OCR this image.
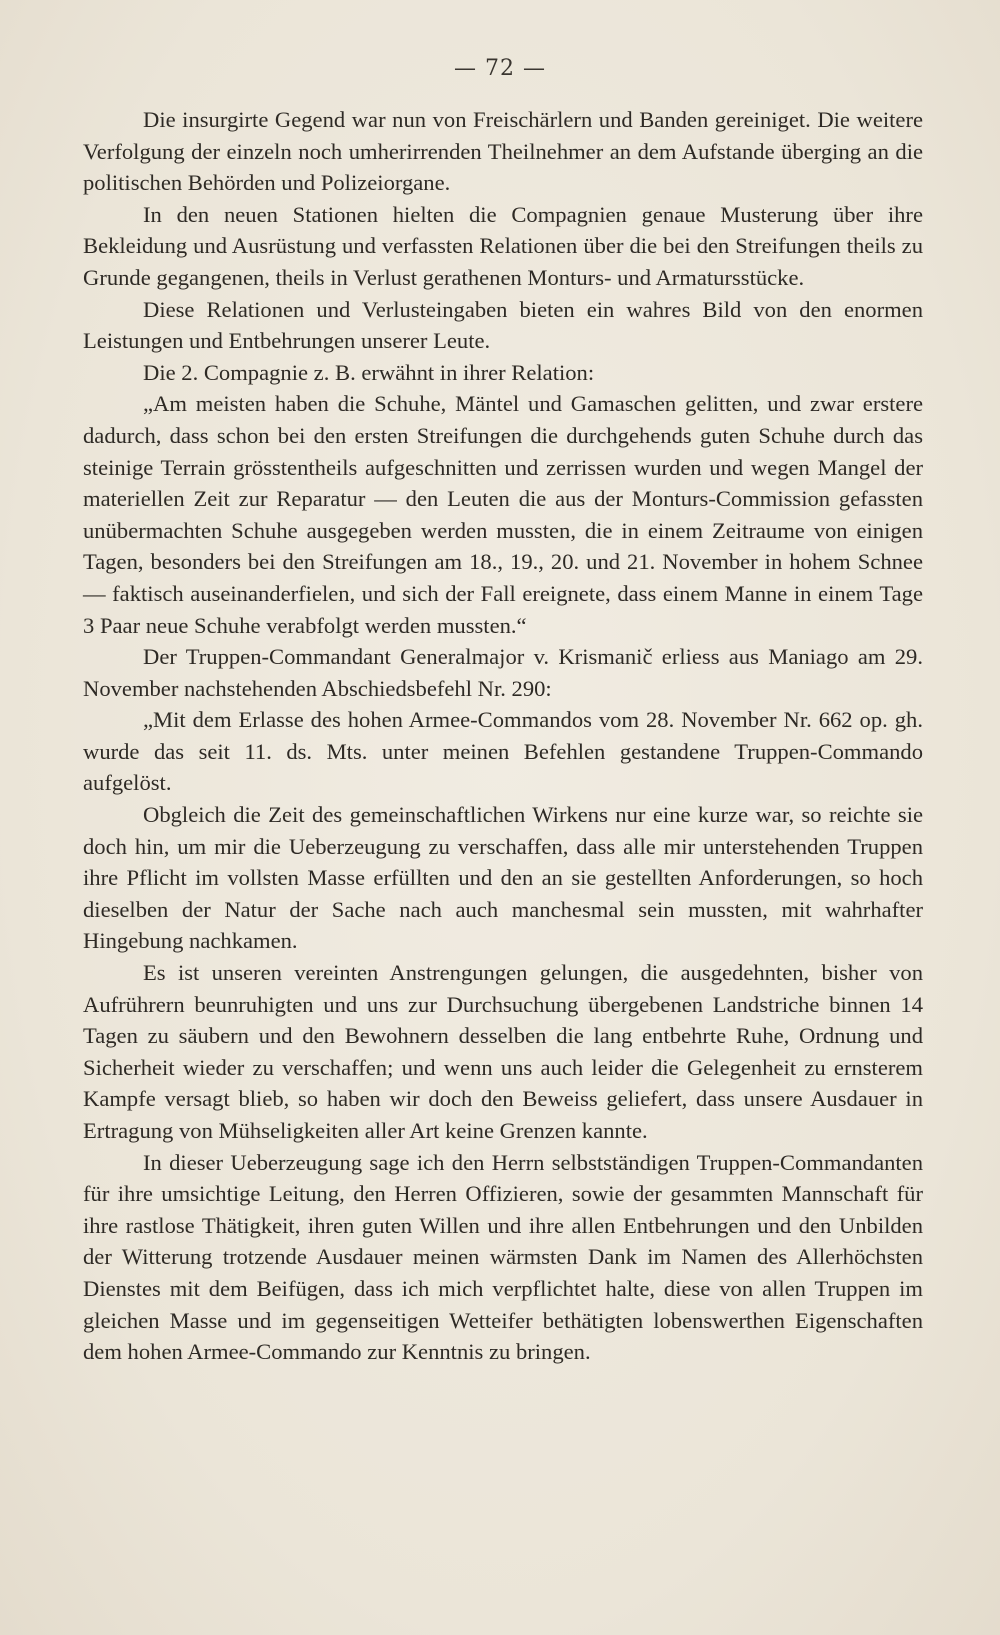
— 72 —

Die insurgirte Gegend war nun von Freischärlern und Banden gereiniget. Die weitere Verfolgung der einzeln noch umherirrenden Theilnehmer an dem Aufstande überging an die politischen Behörden und Polizeiorgane.

In den neuen Stationen hielten die Compagnien genaue Musterung über ihre Bekleidung und Ausrüstung und verfassten Relationen über die bei den Streifungen theils zu Grunde gegangenen, theils in Verlust gerathenen Monturs- und Armatursstücke.

Diese Relationen und Verlusteingaben bieten ein wahres Bild von den enormen Leistungen und Entbehrungen unserer Leute.

Die 2. Compagnie z. B. erwähnt in ihrer Relation:

„Am meisten haben die Schuhe, Mäntel und Gamaschen gelitten, und zwar erstere dadurch, dass schon bei den ersten Streifungen die durchgehends guten Schuhe durch das steinige Terrain grösstentheils aufgeschnitten und zerrissen wurden und wegen Mangel der materiellen Zeit zur Reparatur — den Leuten die aus der Monturs-Commission gefassten unübermachten Schuhe ausgegeben werden mussten, die in einem Zeitraume von einigen Tagen, besonders bei den Streifungen am 18., 19., 20. und 21. November in hohem Schnee — faktisch auseinanderfielen, und sich der Fall ereignete, dass einem Manne in einem Tage 3 Paar neue Schuhe verabfolgt werden mussten.“

Der Truppen-Commandant Generalmajor v. Krismanič erliess aus Maniago am 29. November nachstehenden Abschiedsbefehl Nr. 290:

„Mit dem Erlasse des hohen Armee-Commandos vom 28. November Nr. 662 op. gh. wurde das seit 11. ds. Mts. unter meinen Befehlen gestandene Truppen-Commando aufgelöst.

Obgleich die Zeit des gemeinschaftlichen Wirkens nur eine kurze war, so reichte sie doch hin, um mir die Ueberzeugung zu verschaffen, dass alle mir unterstehenden Truppen ihre Pflicht im vollsten Masse erfüllten und den an sie gestellten Anforderungen, so hoch dieselben der Natur der Sache nach auch manchesmal sein mussten, mit wahrhafter Hingebung nachkamen.

Es ist unseren vereinten Anstrengungen gelungen, die ausgedehnten, bisher von Aufrührern beunruhigten und uns zur Durchsuchung übergebenen Landstriche binnen 14 Tagen zu säubern und den Bewohnern desselben die lang entbehrte Ruhe, Ordnung und Sicherheit wieder zu verschaffen; und wenn uns auch leider die Gelegenheit zu ernsterem Kampfe versagt blieb, so haben wir doch den Beweiss geliefert, dass unsere Ausdauer in Ertragung von Mühseligkeiten aller Art keine Grenzen kannte.

In dieser Ueberzeugung sage ich den Herrn selbstständigen Truppen-Commandanten für ihre umsichtige Leitung, den Herren Offizieren, sowie der gesammten Mannschaft für ihre rastlose Thätigkeit, ihren guten Willen und ihre allen Entbehrungen und den Unbilden der Witterung trotzende Ausdauer meinen wärmsten Dank im Namen des Allerhöchsten Dienstes mit dem Beifügen, dass ich mich verpflichtet halte, diese von allen Truppen im gleichen Masse und im gegenseitigen Wetteifer bethätigten lobenswerthen Eigenschaften dem hohen Armee-Commando zur Kenntnis zu bringen.
